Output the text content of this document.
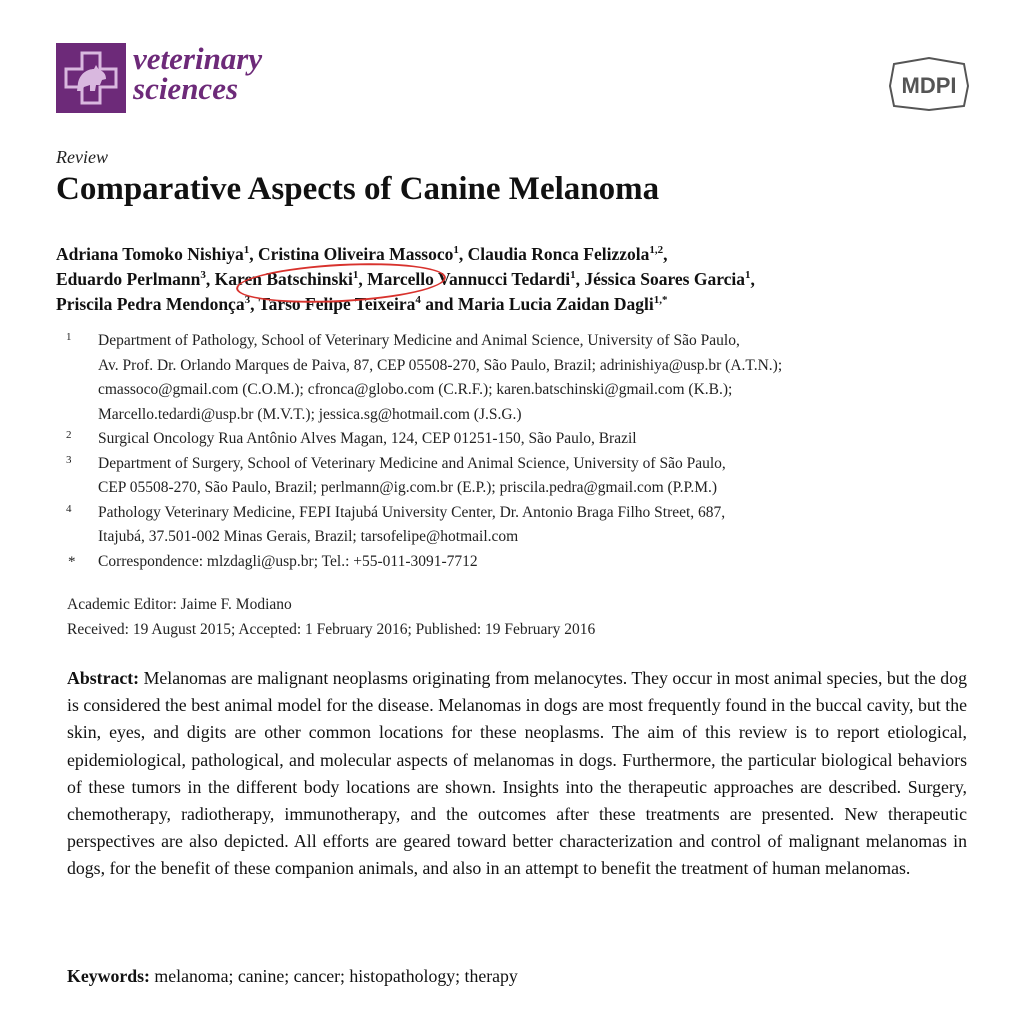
veterinary
sciences	MDPI
Review
Comparative Aspects of Canine Melanoma
Adriana Tomoko Nishiya$^1$, Cristina Oliveira Massoco$^1$, Claudia Ronca Felizzola$^{1,2}$,
Eduardo Perlmann$^3$, Karen Batschinski$^1$, Marcello Vannucci Tedardi$^1$, Jéssica Soares Garcia$^1$,
Priscila Pedra Mendonça$^3$, Tarso Felipe Teixeira$^4$ and Maria Lucia Zaidan Dagli$^{1,*}$
1 Department of Pathology, School of Veterinary Medicine and Animal Science, University of São Paulo,
Av. Prof. Dr. Orlando Marques de Paiva, 87, CEP 05508-270, São Paulo, Brazil; adrinishiya@usp.br (A.T.N.);
cmassoco@gmail.com (C.O.M.); cfronca@globo.com (C.R.F.); karen.batschinski@gmail.com (K.B.);
Marcello.tedardi@usp.br (M.V.T.); jessica.sg@hotmail.com (J.S.G.)
2 Surgical Oncology Rua Antônio Alves Magan, 124, CEP 01251-150, São Paulo, Brazil
3 Department of Surgery, School of Veterinary Medicine and Animal Science, University of São Paulo,
CEP 05508-270, São Paulo, Brazil; perlmann@ig.com.br (E.P.); priscila.pedra@gmail.com (P.P.M.)
4 Pathology Veterinary Medicine, FEPI Itajubá University Center, Dr. Antonio Braga Filho Street, 687,
Itajubá, 37.501-002 Minas Gerais, Brazil; tarsofelipe@hotmail.com
* Correspondence: mlzdagli@usp.br; Tel.: +55-011-3091-7712
Academic Editor: Jaime F. Modiano
Received: 19 August 2015; Accepted: 1 February 2016; Published: 19 February 2016
Abstract: Melanomas are malignant neoplasms originating from melanocytes. They occur in most animal species, but the dog is considered the best animal model for the disease. Melanomas in dogs are most frequently found in the buccal cavity, but the skin, eyes, and digits are other common locations for these neoplasms. The aim of this review is to report etiological, epidemiological, pathological, and molecular aspects of melanomas in dogs. Furthermore, the particular biological behaviors of these tumors in the different body locations are shown. Insights into the therapeutic approaches are described. Surgery, chemotherapy, radiotherapy, immunotherapy, and the outcomes after these treatments are presented. New therapeutic perspectives are also depicted. All efforts are geared toward better characterization and control of malignant melanomas in dogs, for the benefit of these companion animals, and also in an attempt to benefit the treatment of human melanomas.
Keywords: melanoma; canine; cancer; histopathology; therapy
